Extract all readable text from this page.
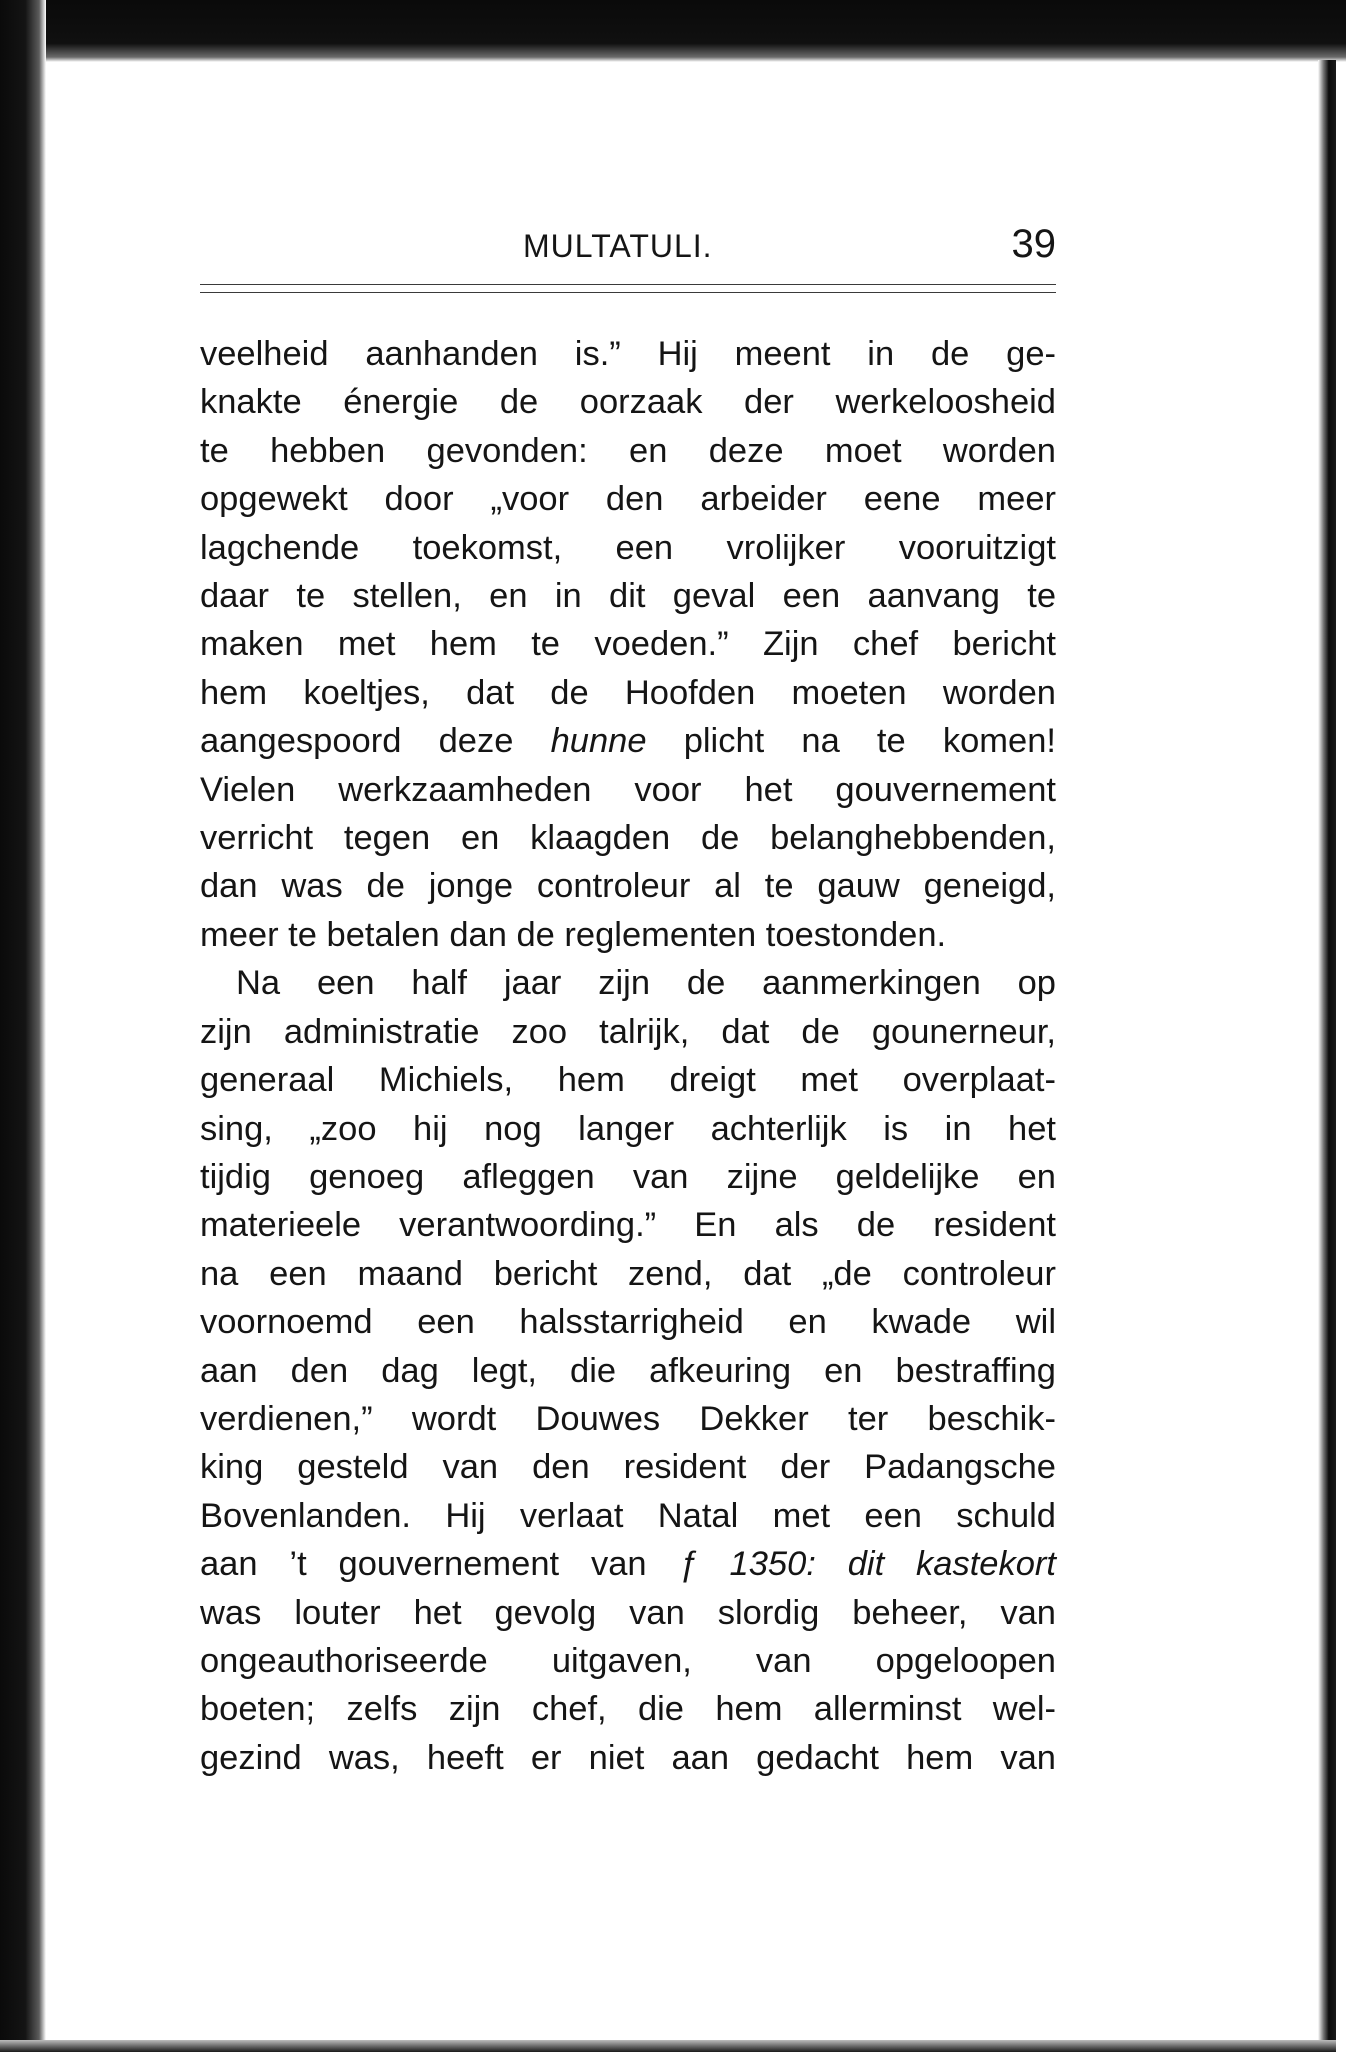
MULTATULI.	39
veelheid aanhanden is.” Hij meent in de ge-
knakte énergie de oorzaak der werkeloosheid
te hebben gevonden: en deze moet worden
opgewekt door „voor den arbeider eene meer
lagchende toekomst, een vrolijker vooruitzigt
daar te stellen, en in dit geval een aanvang te
maken met hem te voeden.” Zijn chef bericht
hem koeltjes, dat de Hoofden moeten worden
aangespoord deze hunne plicht na te komen!
Vielen werkzaamheden voor het gouvernement
verricht tegen en klaagden de belanghebbenden,
dan was de jonge controleur al te gauw geneigd,
meer te betalen dan de reglementen toestonden.
Na een half jaar zijn de aanmerkingen op
zijn administratie zoo talrijk, dat de gounerneur,
generaal Michiels, hem dreigt met overplaat-
sing, „zoo hij nog langer achterlijk is in het
tijdig genoeg afleggen van zijne geldelijke en
materieele verantwoording.” En als de resident
na een maand bericht zend, dat „de controleur
voornoemd een halsstarrigheid en kwade wil
aan den dag legt, die afkeuring en bestraffing
verdienen,” wordt Douwes Dekker ter beschik-
king gesteld van den resident der Padangsche
Bovenlanden. Hij verlaat Natal met een schuld
aan ’t gouvernement van ƒ 1350: dit kastekort
was louter het gevolg van slordig beheer, van
ongeauthoriseerde uitgaven, van opgeloopen
boeten; zelfs zijn chef, die hem allerminst wel-
gezind was, heeft er niet aan gedacht hem van
